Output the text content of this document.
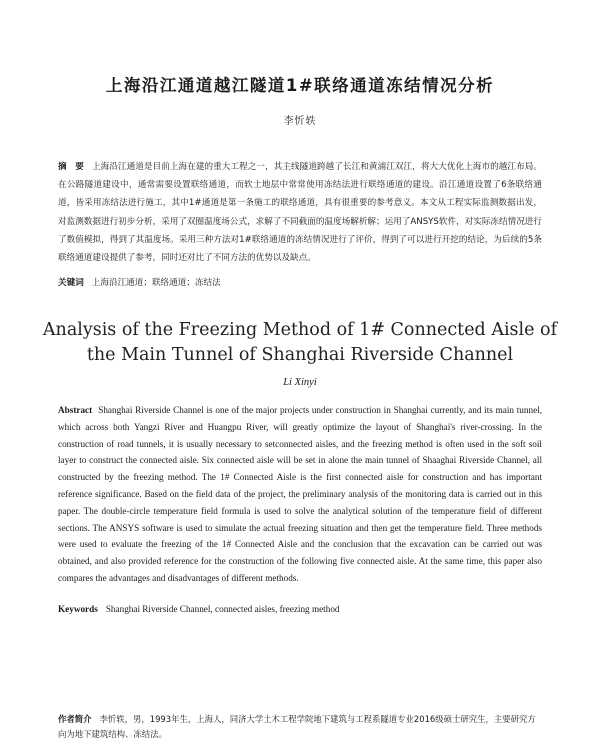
上海沿江通道越江隧道1#联络通道冻结情况分析
李忻轶
摘　要 上海沿江通道是目前上海在建的重大工程之一，其主线隧道跨越了长江和黄浦江双江，将大大优化上海市的越江布局。在公路隧道建设中，通常需要设置联络通道，而软土地层中常常使用冻结法进行联络通道的建设。沿江通道设置了6条联络通道，皆采用冻结法进行施工，其中1#通道是第一条施工的联络通道，具有很重要的参考意义。本文从工程实际监测数据出发，对监测数据进行初步分析，采用了双圈温度场公式，求解了不同截面的温度场解析解；运用了ANSYS软件，对实际冻结情况进行了数值模拟，得到了其温度场。采用三种方法对1#联络通道的冻结情况进行了评价，得到了可以进行开挖的结论，为后续的5条联络通道建设提供了参考，同时还对比了不同方法的优势以及缺点。
关键词 上海沿江通道；联络通道；冻结法
Analysis of the Freezing Method of 1# Connected Aisle of the Main Tunnel of Shanghai Riverside Channel
Li Xinyi
Abstract Shanghai Riverside Channel is one of the major projects under construction in Shanghai currently, and its main tunnel, which across both Yangzi River and Huangpu River, will greatly optimize the layout of Shanghai's river-crossing. In the construction of road tunnels, it is usually necessary to setconnected aisles, and the freezing method is often used in the soft soil layer to construct the connected aisle. Six connected aisle will be set in alone the main tunnel of Shaaghai Riverside Channel, all constructed by the freezing method. The 1# Connected Aisle is the first connected aisle for construction and has important reference significance. Based on the field data of the project, the preliminary analysis of the monitoring data is carried out in this paper. The double-circle temperature field formula is used to solve the analytical solution of the temperature field of different sections. The ANSYS software is used to simulate the actual freezing situation and then get the temperature field. Three methods were used to evaluate the freezing of the 1# Connected Aisle and the conclusion that the excavation can be carried out was obtained, and also provided reference for the construction of the following five connected aisle. At the same time, this paper also compares the advantages and disadvantages of different methods.
Keywords Shanghai Riverside Channel, connected aisles, freezing method
作者简介 李忻轶，男，1993年生，上海人，同济大学土木工程学院地下建筑与工程系隧道专业2016级硕士研究生，主要研究方向为地下建筑结构、冻结法。
